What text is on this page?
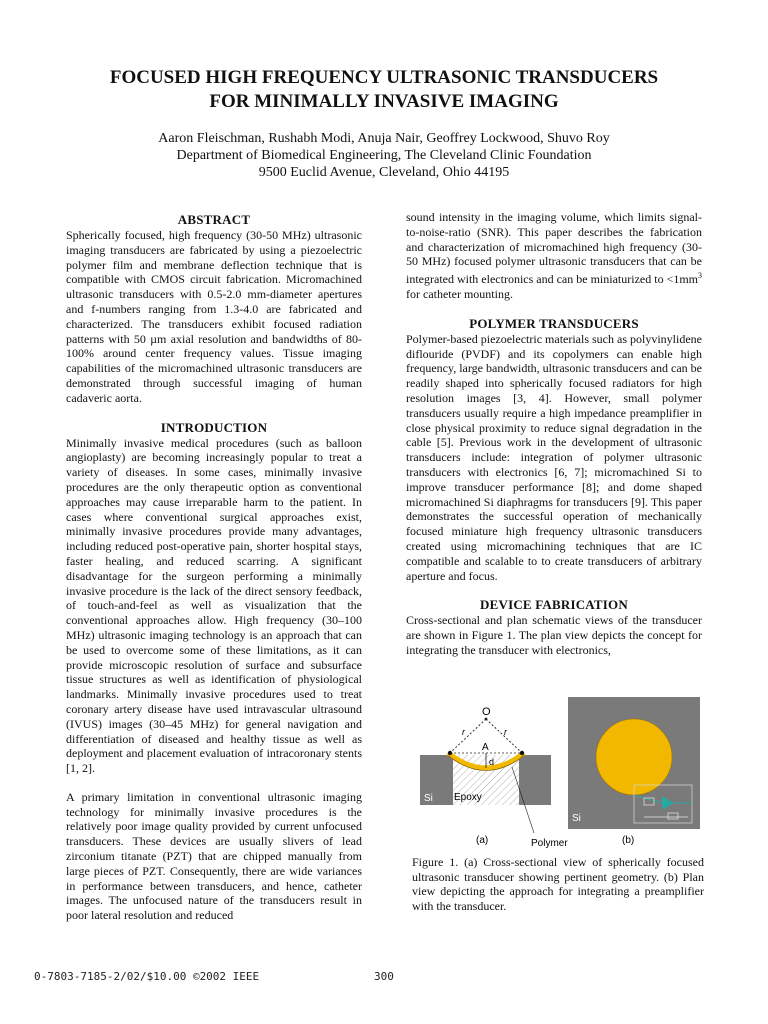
FOCUSED HIGH FREQUENCY ULTRASONIC TRANSDUCERS
FOR MINIMALLY INVASIVE IMAGING
Aaron Fleischman, Rushabh Modi, Anuja Nair, Geoffrey Lockwood, Shuvo Roy
Department of Biomedical Engineering, The Cleveland Clinic Foundation
9500 Euclid Avenue, Cleveland, Ohio 44195
ABSTRACT

Spherically focused, high frequency (30-50 MHz) ultrasonic imaging transducers are fabricated by using a piezoelectric polymer film and membrane deflection technique that is compatible with CMOS circuit fabrication. Micromachined ultrasonic transducers with 0.5-2.0 mm-diameter apertures and f-numbers ranging from 1.3-4.0 are fabricated and characterized. The transducers exhibit focused radiation patterns with 50 µm axial resolution and bandwidths of 80-100% around center frequency values. Tissue imaging capabilities of the micromachined ultrasonic transducers are demonstrated through successful imaging of human cadaveric aorta.

INTRODUCTION

Minimally invasive medical procedures (such as balloon angioplasty) are becoming increasingly popular to treat a variety of diseases. In some cases, minimally invasive procedures are the only therapeutic option as conventional approaches may cause irreparable harm to the patient. In cases where conventional surgical approaches exist, minimally invasive procedures provide many advantages, including reduced post-operative pain, shorter hospital stays, faster healing, and reduced scarring. A significant disadvantage for the surgeon performing a minimally invasive procedure is the lack of the direct sensory feedback, of touch-and-feel as well as visualization that the conventional approaches allow. High frequency (30–100 MHz) ultrasonic imaging technology is an approach that can be used to overcome some of these limitations, as it can provide microscopic resolution of surface and subsurface tissue structures as well as identification of physiological landmarks. Minimally invasive procedures used to treat coronary artery disease have used intravascular ultrasound (IVUS) images (30–45 MHz) for general navigation and differentiation of diseased and healthy tissue as well as deployment and placement evaluation of intracoronary stents [1, 2].

A primary limitation in conventional ultrasonic imaging technology for minimally invasive procedures is the relatively poor image quality provided by current unfocused transducers. These devices are usually slivers of lead zirconium titanate (PZT) that are chipped manually from large pieces of PZT. Consequently, there are wide variances in performance between transducers, and hence, catheter images. The unfocused nature of the transducers result in poor lateral resolution and reduced

sound intensity in the imaging volume, which limits signal-to-noise-ratio (SNR). This paper describes the fabrication and characterization of micromachined high frequency (30-50 MHz) focused polymer ultrasonic transducers that can be integrated with electronics and can be miniaturized to $<1mm^3$ for catheter mounting.

POLYMER TRANSDUCERS

Polymer-based piezoelectric materials such as polyvinylidene diflouride (PVDF) and its copolymers can enable high frequency, large bandwidth, ultrasonic transducers and can be readily shaped into spherically focused radiators for high resolution images [3, 4]. However, small polymer transducers usually require a high impedance preamplifier in close physical proximity to reduce signal degradation in the cable [5]. Previous work in the development of ultrasonic transducers include: integration of polymer ultrasonic transducers with electronics [6, 7]; micromachined Si to improve transducer performance [8]; and dome shaped micromachined Si diaphragms for transducers [9]. This paper demonstrates the successful operation of mechanically focused miniature high frequency ultrasonic transducers created using micromachining techniques that are IC compatible and scalable to to create transducers of arbitrary aperture and focus.

DEVICE FABRICATION

Cross-sectional and plan schematic views of the transducer are shown in Figure 1. The plan view depicts the concept for integrating the transducer with electronics,

O
r	r
A
d
Si Epoxy
(a)	Polymer
Si
(b)
Figure 1. (a) Cross-sectional view of spherically focused ultrasonic transducer showing pertinent geometry. (b) Plan view depicting the approach for integrating a preamplifier with the transducer.
0-7803-7185-2/02/$10.00 ©2002 IEEE	300
